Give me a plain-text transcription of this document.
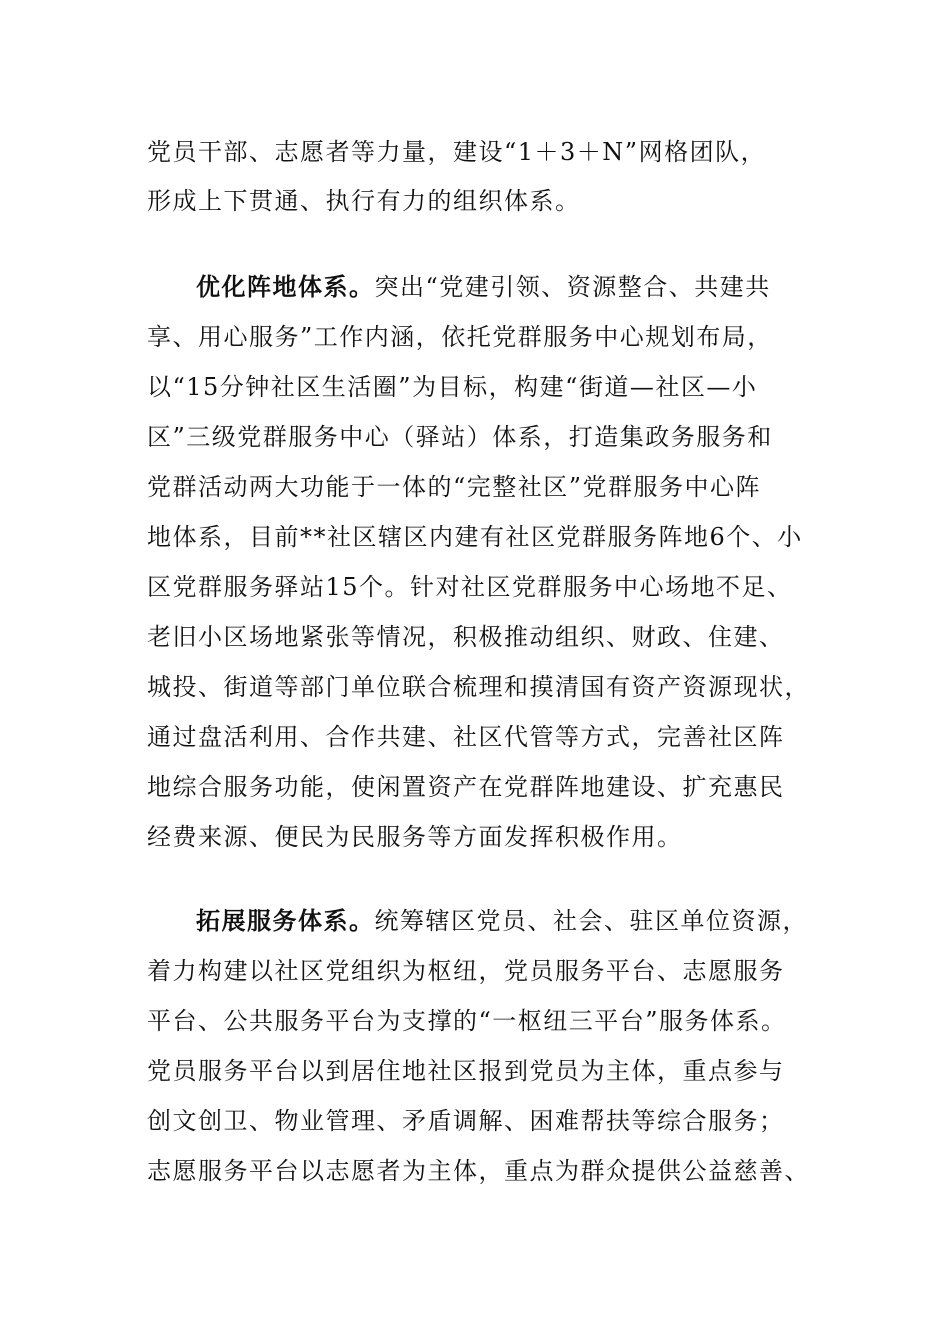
党员干部、志愿者等力量，建设“1＋3＋N”网格团队，
形成上下贯通、执行有力的组织体系。
优化阵地体系。突出“党建引领、资源整合、共建共
享、用心服务”工作内涵，依托党群服务中心规划布局，
以“15分钟社区生活圈”为目标，构建“街道—社区—小
区”三级党群服务中心（驿站）体系，打造集政务服务和
党群活动两大功能于一体的“完整社区”党群服务中心阵
地体系，目前**社区辖区内建有社区党群服务阵地6个、小
区党群服务驿站15个。针对社区党群服务中心场地不足、
老旧小区场地紧张等情况，积极推动组织、财政、住建、
城投、街道等部门单位联合梳理和摸清国有资产资源现状，
通过盘活利用、合作共建、社区代管等方式，完善社区阵
地综合服务功能，使闲置资产在党群阵地建设、扩充惠民
经费来源、便民为民服务等方面发挥积极作用。
拓展服务体系。统筹辖区党员、社会、驻区单位资源，
着力构建以社区党组织为枢纽，党员服务平台、志愿服务
平台、公共服务平台为支撑的“一枢纽三平台”服务体系。
党员服务平台以到居住地社区报到党员为主体，重点参与
创文创卫、物业管理、矛盾调解、困难帮扶等综合服务；
志愿服务平台以志愿者为主体，重点为群众提供公益慈善、
